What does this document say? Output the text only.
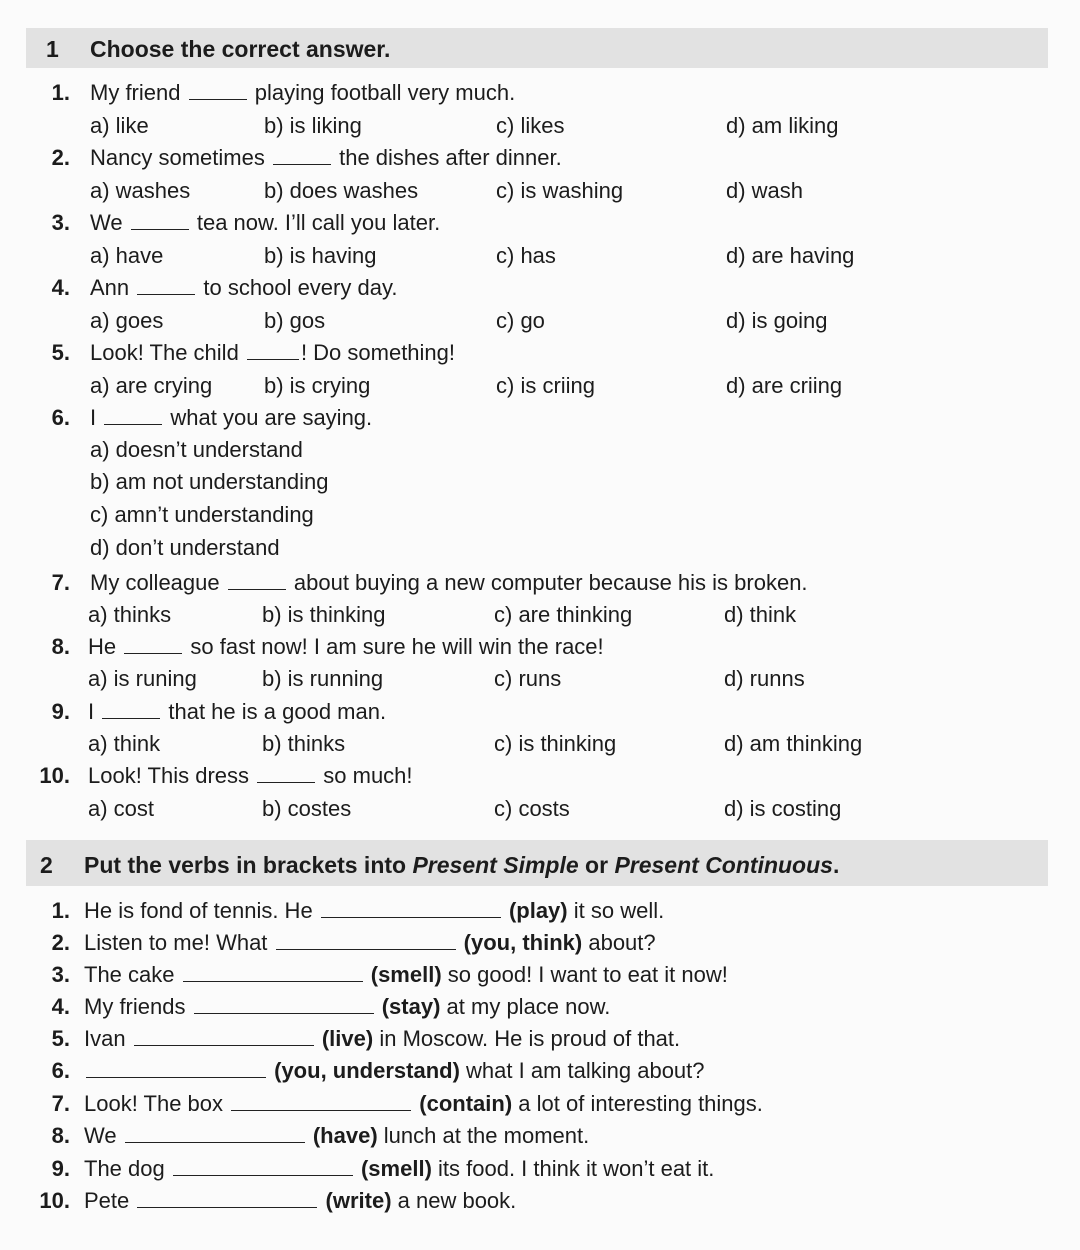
1 Choose the correct answer.
1. My friend	playing football very much.
a) like	b) is liking	c) likes	d) am liking
2. Nancy sometimes	the dishes after dinner.
a) washes	b) does washes	c) is washing	d) wash
3. We	tea now. I’ll call you later.
a) have	b) is having	c) has	d) are having
4. Ann	to school every day.
a) goes	b) gos	c) go	d) is going
5. Look! The child	! Do something!
a) are crying b) is crying	c) is criing	d) are criing
6. I	what you are saying.
a) doesn’t understand
b) am not understanding
c) amn’t understanding
d) don’t understand
7. My colleague	about buying a new computer because his is broken.
a) thinks	b) is thinking	c) are thinking	d) think
8. He	so fast now! I am sure he will win the race!
a) is runing	b) is running	c) runs	d) runns
9. I	that he is a good man.
a) think	b) thinks	c) is thinking	d) am thinking
10. Look! This dress	so much!
a) cost	b) costes	c) costs	d) is costing
2 Put the verbs in brackets into Present Simple or Present Continuous.
1. He is fond of tennis. He	(play) it so well.
2. Listen to me! What	(you, think) about?
3. The cake	(smell) so good! I want to eat it now!
4. My friends	(stay) at my place now.
5. Ivan	(live) in Moscow. He is proud of that.
6.	(you, understand) what I am talking about?
7. Look! The box	(contain) a lot of interesting things.
8. We	(have) lunch at the moment.
9. The dog	(smell) its food. I think it won’t eat it.
10. Pete	(write) a new book.
